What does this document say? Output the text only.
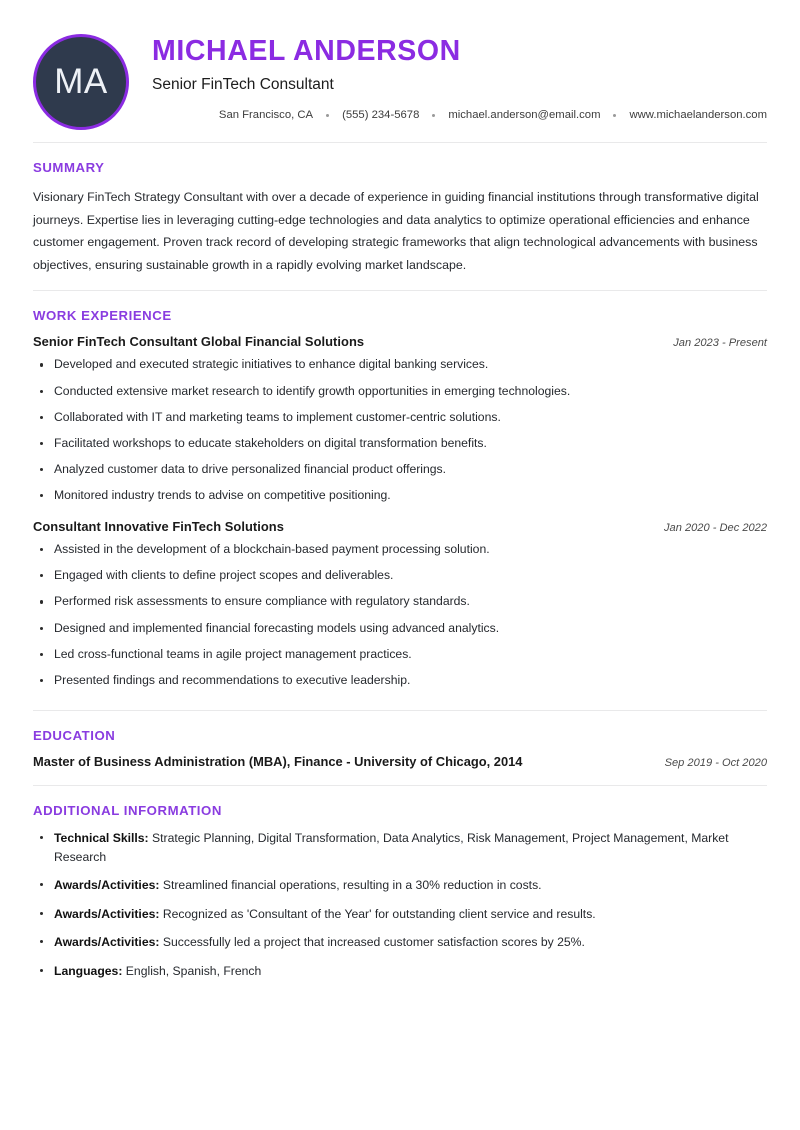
MA
MICHAEL ANDERSON
Senior FinTech Consultant
San Francisco, CA	(555) 234-5678	michael.anderson@email.com	www.michaelanderson.com
SUMMARY

Visionary FinTech Strategy Consultant with over a decade of experience in guiding financial institutions through transformative digital journeys. Expertise lies in leveraging cutting-edge technologies and data analytics to optimize operational efficiencies and enhance customer engagement. Proven track record of developing strategic frameworks that align technological advancements with business objectives, ensuring sustainable growth in a rapidly evolving market landscape.

WORK EXPERIENCE
Senior FinTech Consultant Global Financial Solutions	Jan 2023 - Present
Developed and executed strategic initiatives to enhance digital banking services.
Conducted extensive market research to identify growth opportunities in emerging technologies.
Collaborated with IT and marketing teams to implement customer-centric solutions.
Facilitated workshops to educate stakeholders on digital transformation benefits.
Analyzed customer data to drive personalized financial product offerings.
Monitored industry trends to advise on competitive positioning.
Consultant Innovative FinTech Solutions	Jan 2020 - Dec 2022
Assisted in the development of a blockchain-based payment processing solution.
Engaged with clients to define project scopes and deliverables.
Performed risk assessments to ensure compliance with regulatory standards.
Designed and implemented financial forecasting models using advanced analytics.
Led cross-functional teams in agile project management practices.
Presented findings and recommendations to executive leadership.
EDUCATION
Master of Business Administration (MBA), Finance - University of Chicago, 2014	Sep 2019 - Oct 2020
ADDITIONAL INFORMATION
Technical Skills: Strategic Planning, Digital Transformation, Data Analytics, Risk Management, Project Management, Market Research
Awards/Activities: Streamlined financial operations, resulting in a 30% reduction in costs.
Awards/Activities: Recognized as 'Consultant of the Year' for outstanding client service and results.
Awards/Activities: Successfully led a project that increased customer satisfaction scores by 25%.
Languages: English, Spanish, French
